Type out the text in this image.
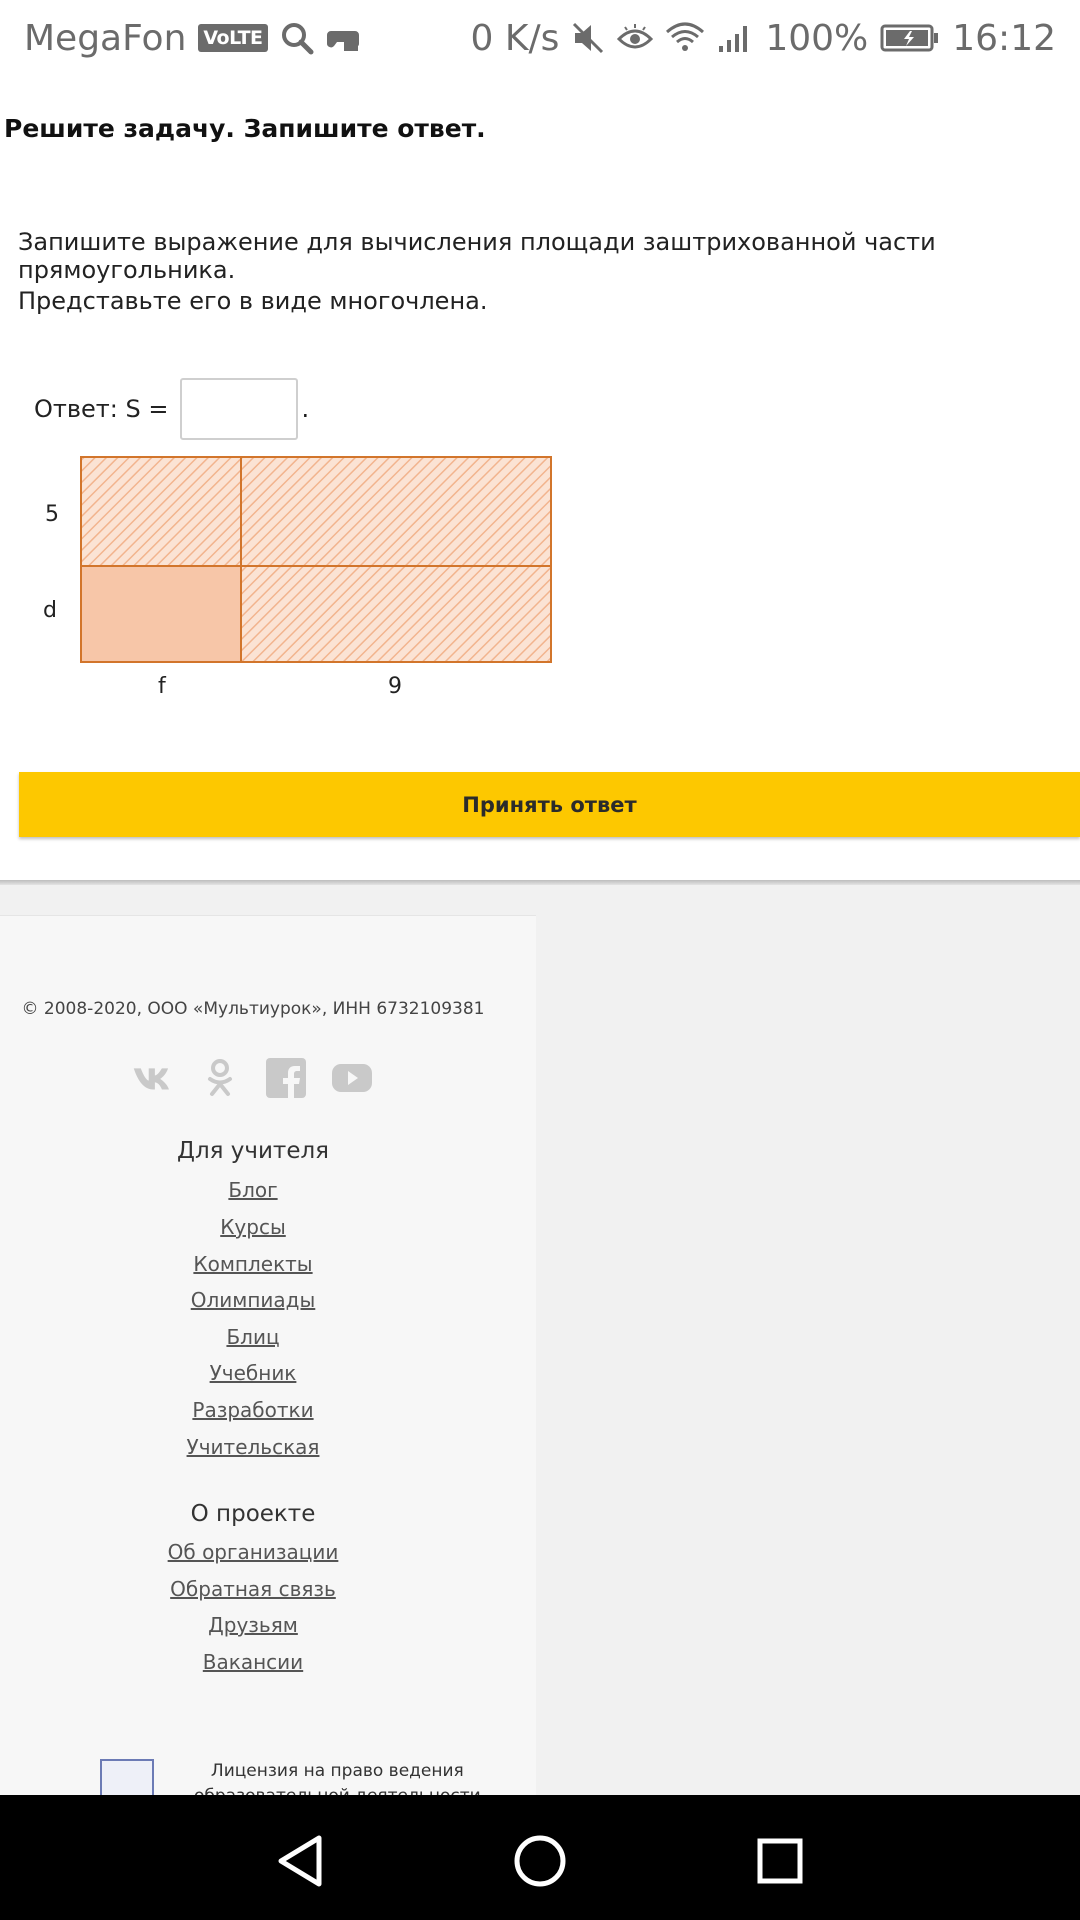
MegaFon VoLTE	0 K/s	100% 16:12
Решите задачу. Запишите ответ.
Запишите выражение для вычисления площади заштрихованной части прямоугольника.
Представьте его в виде многочлена.
Ответ: S =	.
5
d
f	9
Принять ответ
© 2008-2020, ООО «Мультиурок», ИНН 6732109381
Для учителя
Блог
Курсы
Комплекты
Олимпиады
Блиц
Учебник
Разработки
Учительская
О проекте
Об организации
Обратная связь
Друзьям
Вакансии
Лицензия на право ведения
